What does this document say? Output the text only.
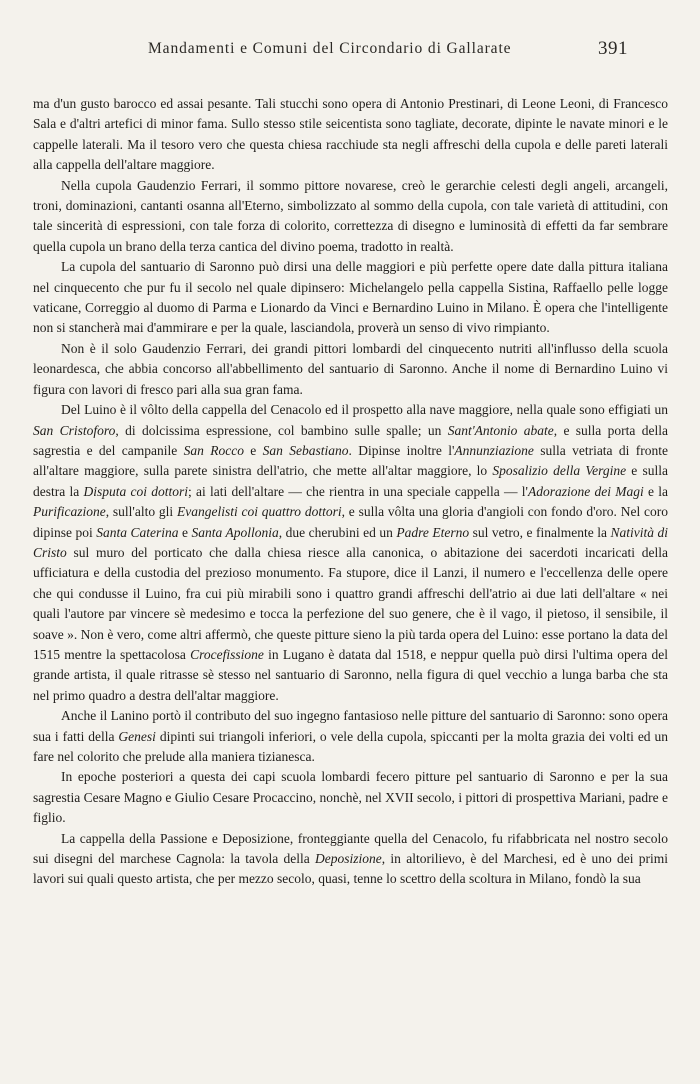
Mandamenti e Comuni del Circondario di Gallarate	391
ma d'un gusto barocco ed assai pesante. Tali stucchi sono opera di Antonio Prestinari, di Leone Leoni, di Francesco Sala e d'altri artefici di minor fama. Sullo stesso stile seicentista sono tagliate, decorate, dipinte le navate minori e le cappelle laterali. Ma il tesoro vero che questa chiesa racchiude sta negli affreschi della cupola e delle pareti laterali alla cappella dell'altare maggiore.
Nella cupola Gaudenzio Ferrari, il sommo pittore novarese, creò le gerarchie celesti degli angeli, arcangeli, troni, dominazioni, cantanti osanna all'Eterno, simbolizzato al sommo della cupola, con tale varietà di attitudini, con tale sincerità di espressioni, con tale forza di colorito, correttezza di disegno e luminosità di effetti da far sembrare quella cupola un brano della terza cantica del divino poema, tradotto in realtà.
La cupola del santuario di Saronno può dirsi una delle maggiori e più perfette opere date dalla pittura italiana nel cinquecento che pur fu il secolo nel quale dipinsero: Michelangelo pella cappella Sistina, Raffaello pelle logge vaticane, Correggio al duomo di Parma e Lionardo da Vinci e Bernardino Luino in Milano. È opera che l'intelligente non si stancherà mai d'ammirare e per la quale, lasciandola, proverà un senso di vivo rimpianto.
Non è il solo Gaudenzio Ferrari, dei grandi pittori lombardi del cinquecento nutriti all'influsso della scuola leonardesca, che abbia concorso all'abbellimento del santuario di Saronno. Anche il nome di Bernardino Luino vi figura con lavori di fresco pari alla sua gran fama.
Del Luino è il vôlto della cappella del Cenacolo ed il prospetto alla nave maggiore, nella quale sono effigiati un San Cristoforo, di dolcissima espressione, col bambino sulle spalle; un Sant'Antonio abate, e sulla porta della sagrestia e del campanile San Rocco e San Sebastiano. Dipinse inoltre l'Annunziazione sulla vetriata di fronte all'altare maggiore, sulla parete sinistra dell'atrio, che mette all'altar maggiore, lo Sposalizio della Vergine e sulla destra la Disputa coi dottori; ai lati dell'altare — che rientra in una speciale cappella — l'Adorazione dei Magi e la Purificazione, sull'alto gli Evangelisti coi quattro dottori, e sulla vôlta una gloria d'angioli con fondo d'oro. Nel coro dipinse poi Santa Caterina e Santa Apollonia, due cherubini ed un Padre Eterno sul vetro, e finalmente la Natività di Cristo sul muro del porticato che dalla chiesa riesce alla canonica, o abitazione dei sacerdoti incaricati della ufficiatura e della custodia del prezioso monumento. Fa stupore, dice il Lanzi, il numero e l'eccellenza delle opere che qui condusse il Luino, fra cui più mirabili sono i quattro grandi affreschi dell'atrio ai due lati dell'altare « nei quali l'autore par vincere sè medesimo e tocca la perfezione del suo genere, che è il vago, il pietoso, il sensibile, il soave ». Non è vero, come altri affermò, che queste pitture sieno la più tarda opera del Luino: esse portano la data del 1515 mentre la spettacolosa Crocefissione in Lugano è datata dal 1518, e neppur quella può dirsi l'ultima opera del grande artista, il quale ritrasse sè stesso nel santuario di Saronno, nella figura di quel vecchio a lunga barba che sta nel primo quadro a destra dell'altar maggiore.
Anche il Lanino portò il contributo del suo ingegno fantasioso nelle pitture del santuario di Saronno: sono opera sua i fatti della Genesi dipinti sui triangoli inferiori, o vele della cupola, spiccanti per la molta grazia dei volti ed un fare nel colorito che prelude alla maniera tizianesca.
In epoche posteriori a questa dei capi scuola lombardi fecero pitture pel santuario di Saronno e per la sua sagrestia Cesare Magno e Giulio Cesare Procaccino, nonchè, nel XVII secolo, i pittori di prospettiva Mariani, padre e figlio.
La cappella della Passione e Deposizione, fronteggiante quella del Cenacolo, fu rifabbricata nel nostro secolo sui disegni del marchese Cagnola: la tavola della Deposizione, in altorilievo, è del Marchesi, ed è uno dei primi lavori sui quali questo artista, che per mezzo secolo, quasi, tenne lo scettro della scoltura in Milano, fondò la sua
